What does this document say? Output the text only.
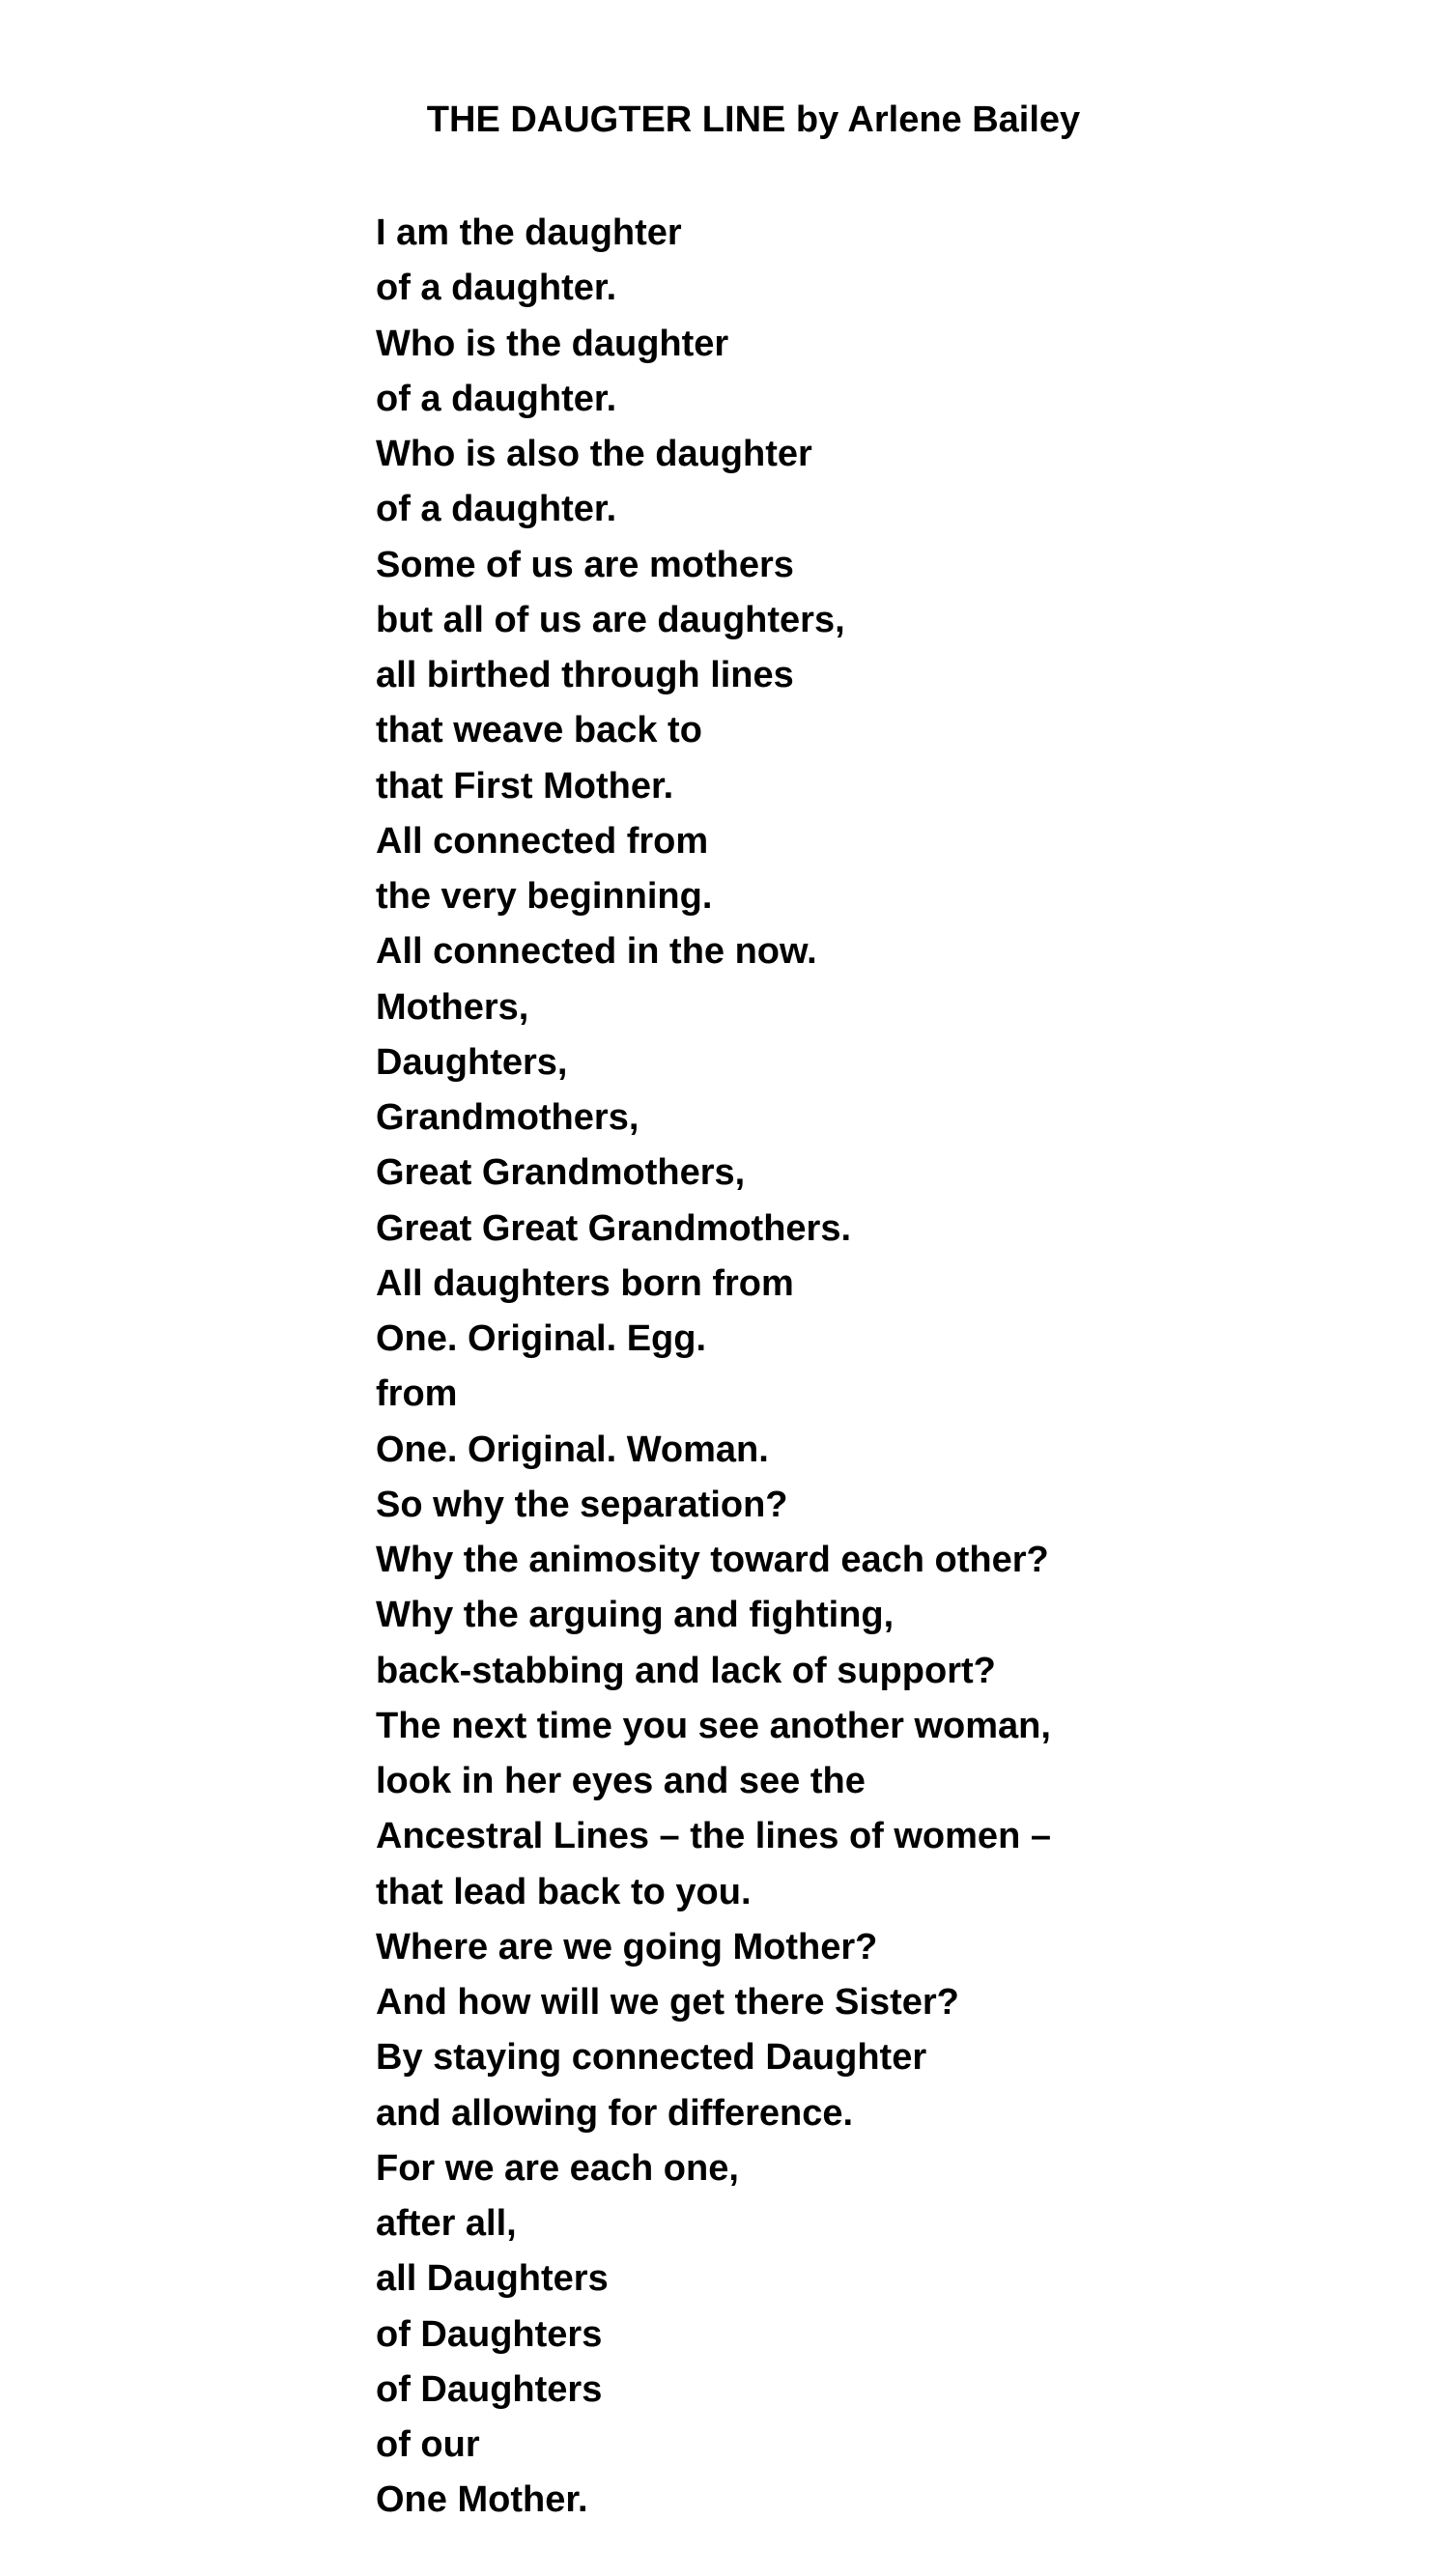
THE DAUGTER LINE by Arlene Bailey
I am the daughter
of a daughter.
Who is the daughter
of a daughter.
Who is also the daughter
of a daughter.
Some of us are mothers
but all of us are daughters,
all birthed through lines
that weave back to
that First Mother.
All connected from
the very beginning.
All connected in the now.
Mothers,
Daughters,
Grandmothers,
Great Grandmothers,
Great Great Grandmothers.
All daughters born from
One. Original. Egg.
from
One. Original. Woman.
So why the separation?
Why the animosity toward each other?
Why the arguing and fighting,
back-stabbing and lack of support?
The next time you see another woman,
look in her eyes and see the
Ancestral Lines – the lines of women –
that lead back to you.
Where are we going Mother?
And how will we get there Sister?
By staying connected Daughter
and allowing for difference.
For we are each one,
after all,
all Daughters
of Daughters
of Daughters
of our
One Mother.
